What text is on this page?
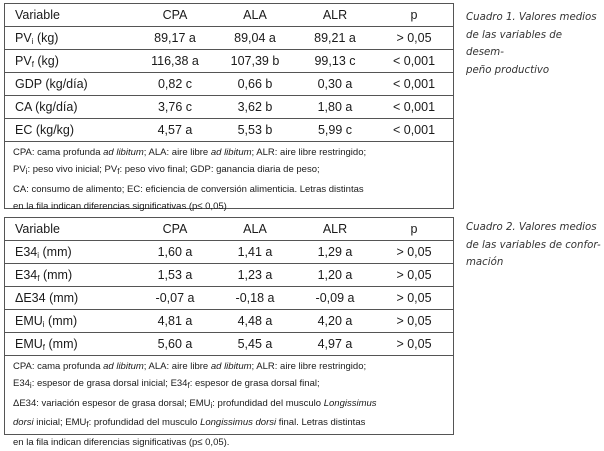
Variable	CPA	ALA	ALR	p
$PV_i$ (kg)	89,17 a	89,04 a	89,21 a	> 0,05
$PV_f$ (kg)	116,38 a	107,39 b	99,13 c	< 0,001
GDP (kg/día)	0,82 c	0,66 b	0,30 a	< 0,001
CA (kg/día)	3,76 c	3,62 b	1,80 a	< 0,001
EC (kg/kg)	4,57 a	5,53 b	5,99 c	< 0,001
CPA: cama profunda ad libitum; ALA: aire libre ad libitum; ALR: aire libre restringido;
$PV_i$: peso vivo inicial; $PV_f$: peso vivo final; GDP: ganancia diaria de peso;
CA: consumo de alimento; EC: eficiencia de conversión alimenticia. Letras distintas
en la fila indican diferencias significativas (p≤ 0,05)
Cuadro 1. Valores medios
de las variables de desem-
peño productivo
Variable	CPA	ALA	ALR	p
$E34_i$ (mm)	1,60 a	1,41 a	1,29 a	> 0,05
$E34_f$ (mm)	1,53 a	1,23 a	1,20 a	> 0,05
ΔE34 (mm)	-0,07 a	-0,18 a	-0,09 a	> 0,05
$EMU_i$ (mm)	4,81 a	4,48 a	4,20 a	> 0,05
$EMU_f$ (mm)	5,60 a	5,45 a	4,97 a	> 0,05
CPA: cama profunda ad libitum; ALA: aire libre ad libitum; ALR: aire libre restringido;
$E34_i$: espesor de grasa dorsal inicial; $E34_f$: espesor de grasa dorsal final;
ΔE34: variación espesor de grasa dorsal; $EMU_i$: profundidad del musculo Longissimus
dorsi inicial; $EMU_f$: profundidad del musculo Longissimus dorsi final. Letras distintas
en la fila indican diferencias significativas (p≤ 0,05).
Cuadro 2. Valores medios
de las variables de confor-
mación
